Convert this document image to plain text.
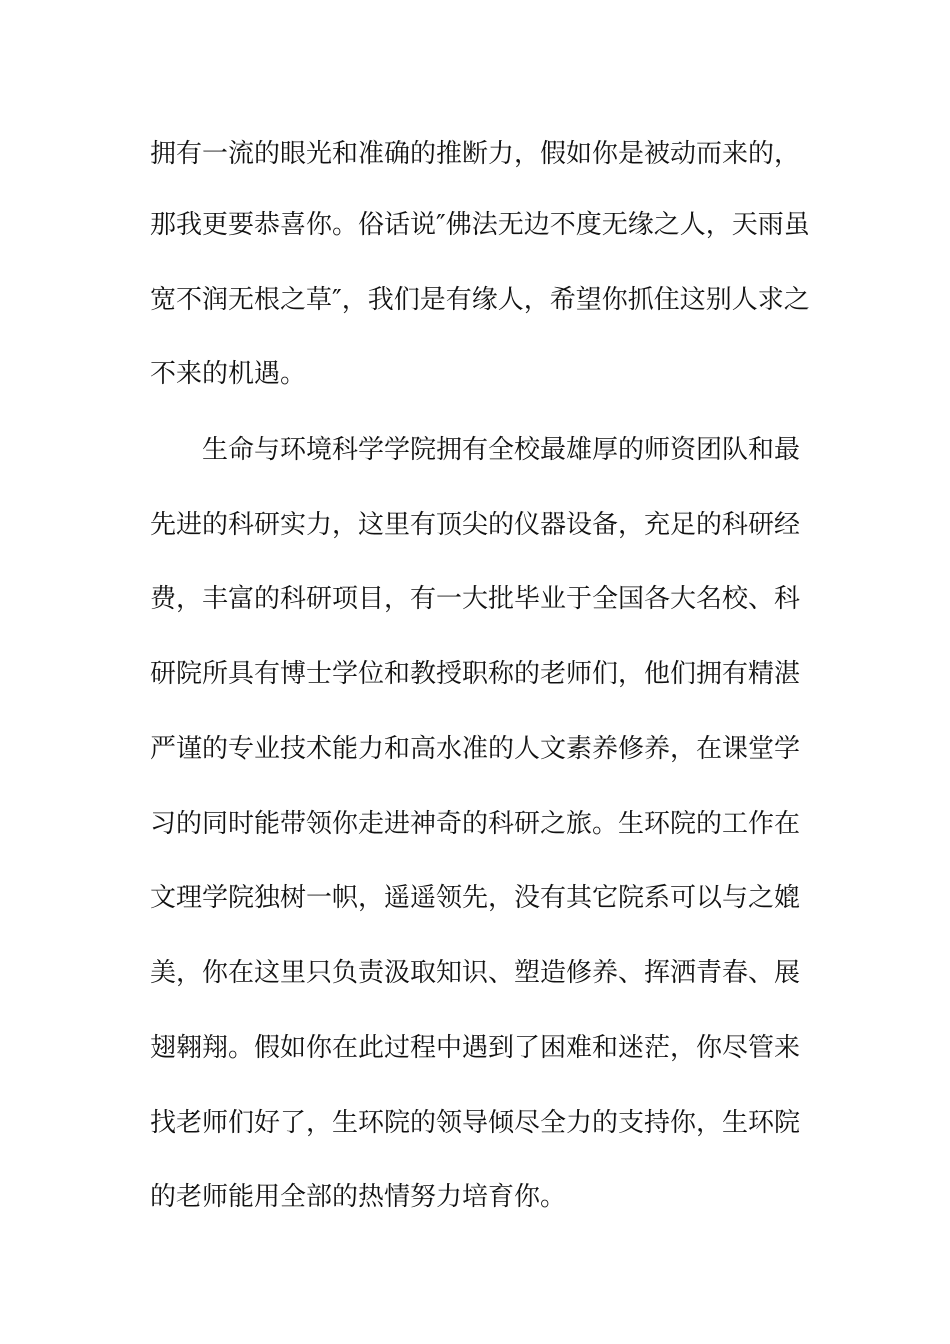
拥有一流的眼光和准确的推断力，假如你是被动而来的，
那我更要恭喜你。俗话说″佛法无边不度无缘之人，天雨虽
宽不润无根之草″，我们是有缘人，希望你抓住这别人求之
不来的机遇。
生命与环境科学学院拥有全校最雄厚的师资团队和最
先进的科研实力，这里有顶尖的仪器设备，充足的科研经
费，丰富的科研项目，有一大批毕业于全国各大名校、科
研院所具有博士学位和教授职称的老师们，他们拥有精湛
严谨的专业技术能力和高水准的人文素养修养，在课堂学
习的同时能带领你走进神奇的科研之旅。生环院的工作在
文理学院独树一帜，遥遥领先，没有其它院系可以与之媲
美，你在这里只负责汲取知识、塑造修养、挥洒青春、展
翅翱翔。假如你在此过程中遇到了困难和迷茫，你尽管来
找老师们好了，生环院的领导倾尽全力的支持你，生环院
的老师能用全部的热情努力培育你。
